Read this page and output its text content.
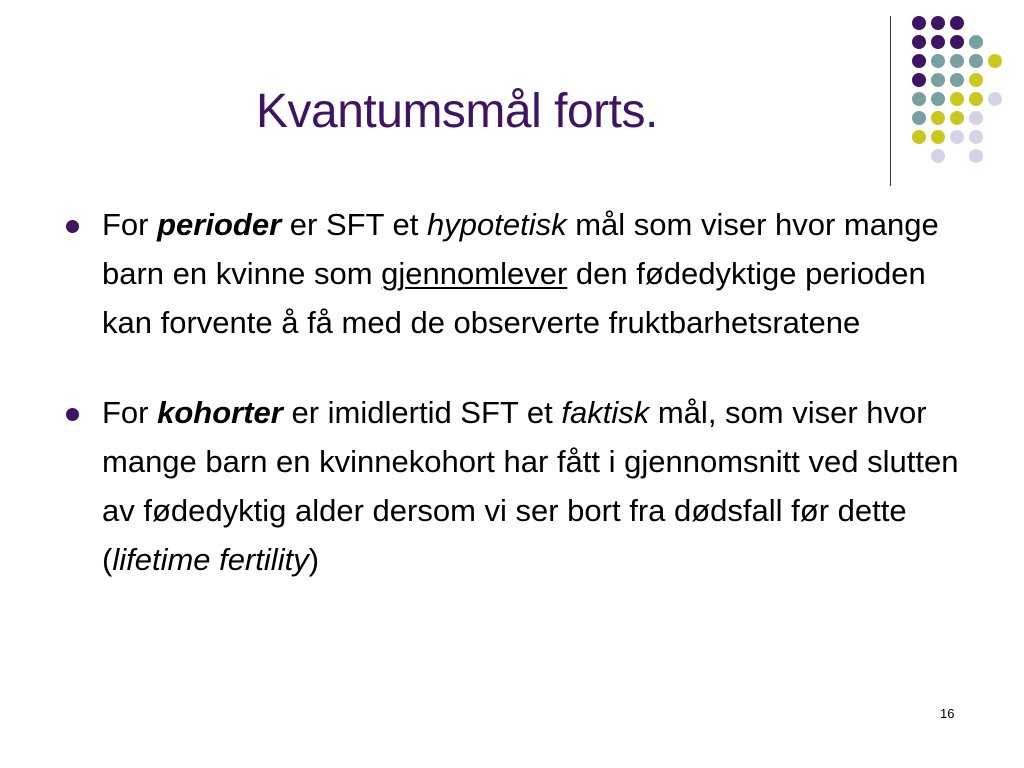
Kvantumsmål forts.
For perioder er SFT et hypotetisk mål som viser hvor mange barn en kvinne som gjennomlever den fødedyktige perioden kan forvente å få med de observerte fruktbarhetsratene
For kohorter er imidlertid SFT et faktisk mål, som viser hvor mange barn en kvinnekohort har fått i gjennomsnitt ved slutten av fødedyktig alder dersom vi ser bort fra dødsfall før dette (lifetime fertility)
16
